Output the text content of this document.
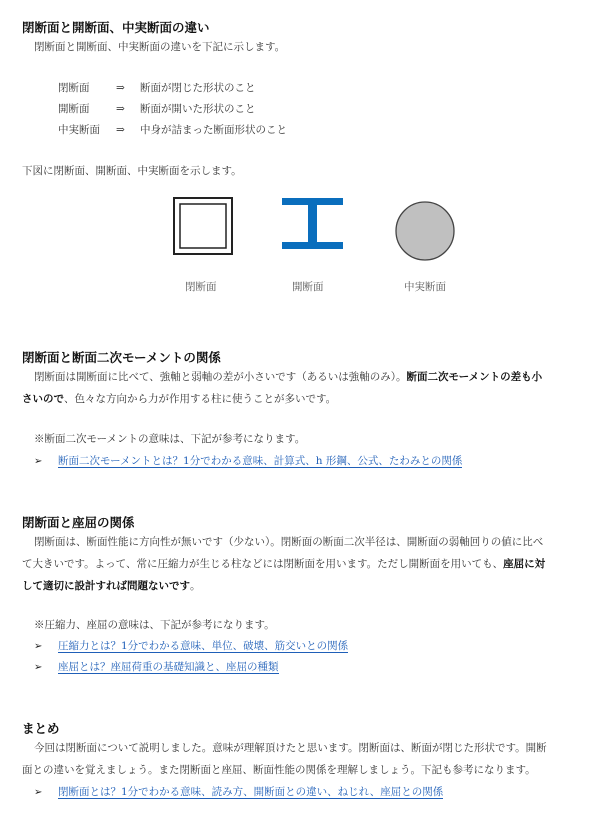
閉断面と開断面、中実断面の違い
閉断面と開断面、中実断面の違いを下記に示します。
閉断面	⇒ 断面が閉じた形状のこと
開断面	⇒ 断面が開いた形状のこと
中実断面 ⇒ 中身が詰まった断面形状のこと
下図に閉断面、開断面、中実断面を示します。
閉断面	開断面	中実断面
閉断面と断面二次モーメントの関係
閉断面は開断面に比べて、強軸と弱軸の差が小さいです（あるいは強軸のみ）。断面二次モーメントの差も小
さいので、色々な方向から力が作用する柱に使うことが多いです。
※断面二次モーメントの意味は、下記が参考になります。
➢ 断面二次モーメントとは？1分でわかる意味、計算式、h 形鋼、公式、たわみとの関係
閉断面と座屈の関係
閉断面は、断面性能に方向性が無いです（少ない）。閉断面の断面二次半径は、開断面の弱軸回りの値に比べ
て大きいです。よって、常に圧縮力が生じる柱などには閉断面を用います。ただし開断面を用いても、座屈に対
して適切に設計すれば問題ないです。
※圧縮力、座屈の意味は、下記が参考になります。
➢ 圧縮力とは？1分でわかる意味、単位、破壊、筋交いとの関係
➢ 座屈とは？座屈荷重の基礎知識と、座屈の種類
まとめ
今回は閉断面について説明しました。意味が理解頂けたと思います。閉断面は、断面が閉じた形状です。開断
面との違いを覚えましょう。また閉断面と座屈、断面性能の関係を理解しましょう。下記も参考になります。
➢ 閉断面とは？1分でわかる意味、読み方、開断面との違い、ねじれ、座屈との関係
